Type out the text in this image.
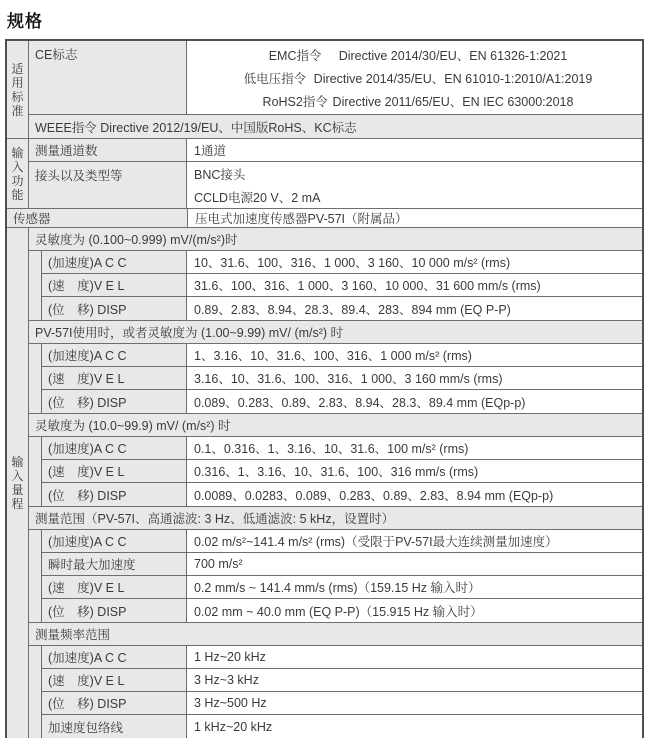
规格
适用标准
CE标志	EMC指令	Directive 2014/30/EU、EN 61326-1:2021
低电压指令 Directive 2014/35/EU、EN 61010-1:2010/A1:2019
RoHS2指令 Directive 2011/65/EU、EN IEC 63000:2018
WEEE指令 Directive 2012/19/EU、中国版RoHS、KC标志
输入功能
测量通道数	1通道
接头以及类型等	BNC接头
CCLD电源20 V、2 mA
传感器	压电式加速度传感器PV-57I（附属品）
输入量程
灵敏度为 (0.100~0.999) mV/(m/s²)时
(加速度)A C C	10、31.6、100、316、1 000、3 160、10 000 m/s² (rms)
(速　度)V E L	31.6、100、316、1 000、3 160、10 000、31 600 mm/s (rms)
(位　移) DISP	0.89、2.83、8.94、28.3、89.4、283、894 mm (EQ P-P)
PV-57I使用时，或者灵敏度为 (1.00~9.99) mV/ (m/s²) 时
(加速度)A C C	1、3.16、10、31.6、100、316、1 000 m/s² (rms)
(速　度)V E L	3.16、10、31.6、100、316、1 000、3 160 mm/s (rms)
(位　移) DISP	0.089、0.283、0.89、2.83、8.94、28.3、89.4 mm (EQp-p)
灵敏度为 (10.0~99.9) mV/ (m/s²) 时
(加速度)A C C	0.1、0.316、1、3.16、10、31.6、100 m/s² (rms)
(速　度)V E L	0.316、1、3.16、10、31.6、100、316 mm/s (rms)
(位　移) DISP	0.0089、0.0283、0.089、0.283、0.89、2.83、8.94 mm (EQp-p)
测量范围（PV-57I、高通滤波: 3 Hz、低通滤波: 5 kHz，设置时）
(加速度)A C C	0.02 m/s²~141.4 m/s² (rms)（受限于PV-57I最大连续测量加速度）
瞬时最大加速度	700 m/s²
(速　度)V E L	0.2 mm/s ~ 141.4 mm/s (rms)（159.15 Hz 输入时）
(位　移) DISP	0.02 mm ~ 40.0 mm (EQ P-P)（15.915 Hz 输入时）
测量频率范围
(加速度)A C C	1 Hz~20 kHz
(速　度)V E L	3 Hz~3 kHz
(位　移) DISP	3 Hz~500 Hz
加速度包络线	1 kHz~20 kHz
